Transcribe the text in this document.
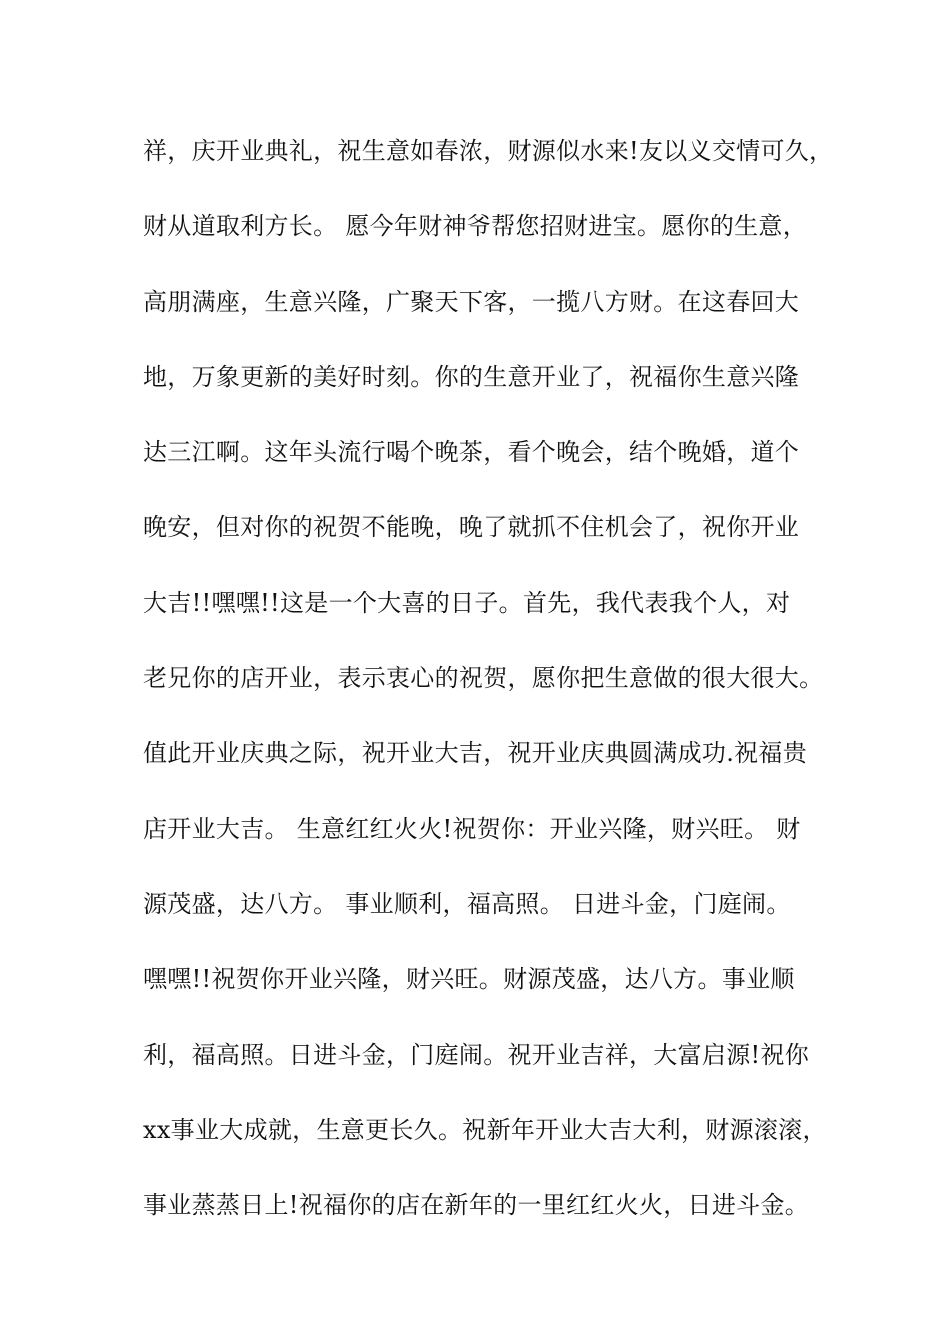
祥，庆开业典礼，祝生意如春浓，财源似水来!友以义交情可久，
财从道取利方长。 愿今年财神爷帮您招财进宝。愿你的生意，
高朋满座，生意兴隆，广聚天下客，一揽八方财。在这春回大
地，万象更新的美好时刻。你的生意开业了，祝福你生意兴隆
达三江啊。这年头流行喝个晚茶，看个晚会，结个晚婚，道个
晚安，但对你的祝贺不能晚，晚了就抓不住机会了，祝你开业
大吉!!嘿嘿!!这是一个大喜的日子。首先，我代表我个人，对
老兄你的店开业，表示衷心的祝贺，愿你把生意做的很大很大。
值此开业庆典之际，祝开业大吉，祝开业庆典圆满成功.祝福贵
店开业大吉。 生意红红火火!祝贺你：开业兴隆，财兴旺。 财
源茂盛，达八方。 事业顺利，福高照。 日进斗金，门庭闹。
嘿嘿!!祝贺你开业兴隆，财兴旺。财源茂盛，达八方。事业顺
利，福高照。日进斗金，门庭闹。祝开业吉祥，大富启源!祝你
xx事业大成就，生意更长久。祝新年开业大吉大利，财源滚滚，
事业蒸蒸日上!祝福你的店在新年的一里红红火火，日进斗金。
